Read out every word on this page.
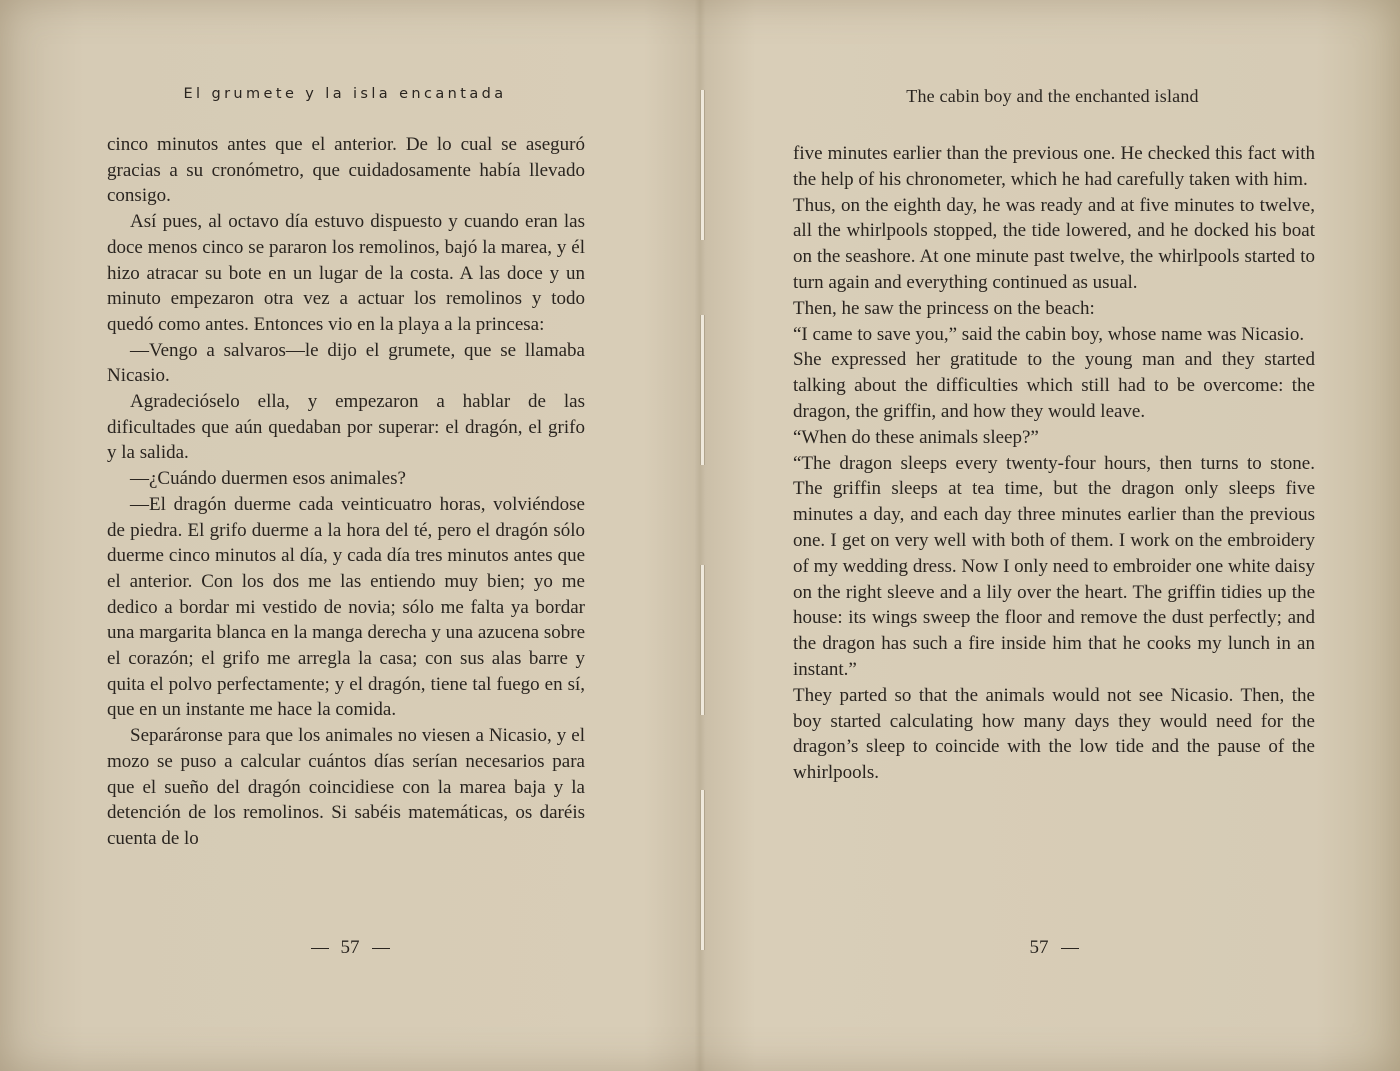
El grumete y la isla encantada

cinco minutos antes que el anterior. De lo cual se aseguró gracias a su cronómetro, que cuidadosamente había llevado consigo.

Así pues, al octavo día estuvo dispuesto y cuando eran las doce menos cinco se pararon los remolinos, bajó la marea, y él hizo atracar su bote en un lugar de la costa. A las doce y un minuto empezaron otra vez a actuar los remolinos y todo quedó como antes. Entonces vio en la playa a la princesa:

—Vengo a salvaros—le dijo el grumete, que se llamaba Nicasio.

Agradecióselo ella, y empezaron a hablar de las dificultades que aún quedaban por superar: el dragón, el grifo y la salida.

—¿Cuándo duermen esos animales?

—El dragón duerme cada veinticuatro horas, volviéndose de piedra. El grifo duerme a la hora del té, pero el dragón sólo duerme cinco minutos al día, y cada día tres minutos antes que el anterior. Con los dos me las entiendo muy bien; yo me dedico a bordar mi vestido de novia; sólo me falta ya bordar una margarita blanca en la manga derecha y una azucena sobre el corazón; el grifo me arregla la casa; con sus alas barre y quita el polvo perfectamente; y el dragón, tiene tal fuego en sí, que en un instante me hace la comida.

Separáronse para que los animales no viesen a Nicasio, y el mozo se puso a calcular cuántos días serían necesarios para que el sueño del dragón coincidiese con la marea baja y la detención de los remolinos. Si sabéis matemáticas, os daréis cuenta de lo

57
The cabin boy and the enchanted island

five minutes earlier than the previous one. He checked this fact with the help of his chronometer, which he had carefully taken with him.

Thus, on the eighth day, he was ready and at five minutes to twelve, all the whirlpools stopped, the tide lowered, and he docked his boat on the seashore. At one minute past twelve, the whirlpools started to turn again and everything continued as usual.

Then, he saw the princess on the beach:

“I came to save you,” said the cabin boy, whose name was Nicasio.

She expressed her gratitude to the young man and they started talking about the difficulties which still had to be overcome: the dragon, the griffin, and how they would leave.

“When do these animals sleep?”

“The dragon sleeps every twenty-four hours, then turns to stone. The griffin sleeps at tea time, but the dragon only sleeps five minutes a day, and each day three minutes earlier than the previous one. I get on very well with both of them. I work on the embroidery of my wedding dress. Now I only need to embroider one white daisy on the right sleeve and a lily over the heart. The griffin tidies up the house: its wings sweep the floor and remove the dust perfectly; and the dragon has such a fire inside him that he cooks my lunch in an instant.”

They parted so that the animals would not see Nicasio. Then, the boy started calculating how many days they would need for the dragon’s sleep to coincide with the low tide and the pause of the whirlpools.

57
